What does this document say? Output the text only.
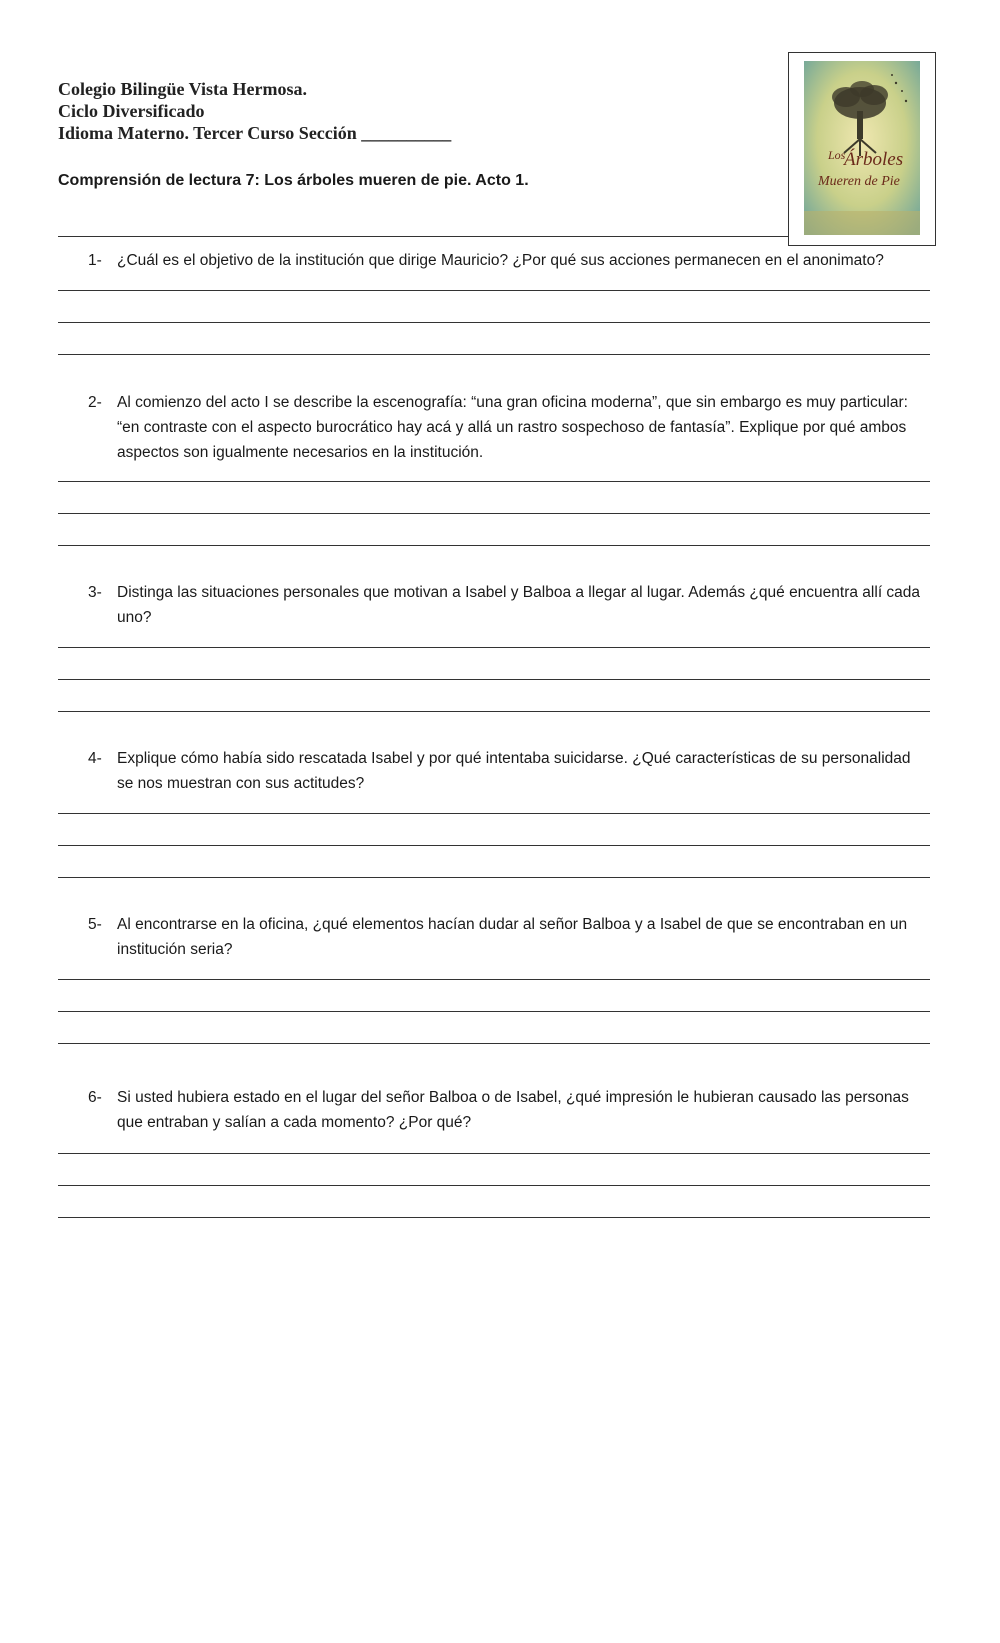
Colegio Bilingüe Vista Hermosa.
Ciclo Diversificado
Idioma Materno. Tercer Curso Sección __________
Comprensión de lectura 7: Los árboles mueren de pie. Acto 1.
Los
Árboles
Mueren de Pie
1- ¿Cuál es el objetivo de la institución que dirige Mauricio? ¿Por qué sus acciones permanecen en el anonimato?
2- Al comienzo del acto I se describe la escenografía: “una gran oficina moderna”, que sin embargo es muy particular: “en contraste con el aspecto burocrático hay acá y allá un rastro sospechoso de fantasía”. Explique por qué ambos aspectos son igualmente necesarios en la institución.
3- Distinga las situaciones personales que motivan a Isabel y Balboa a llegar al lugar. Además ¿qué encuentra allí cada uno?
4- Explique cómo había sido rescatada Isabel y por qué intentaba suicidarse. ¿Qué características de su personalidad se nos muestran con sus actitudes?
5- Al encontrarse en la oficina, ¿qué elementos hacían dudar al señor Balboa y a Isabel de que se encontraban en un institución seria?
6- Si usted hubiera estado en el lugar del señor Balboa o de Isabel, ¿qué impresión le hubieran causado las personas que entraban y salían a cada momento? ¿Por qué?
